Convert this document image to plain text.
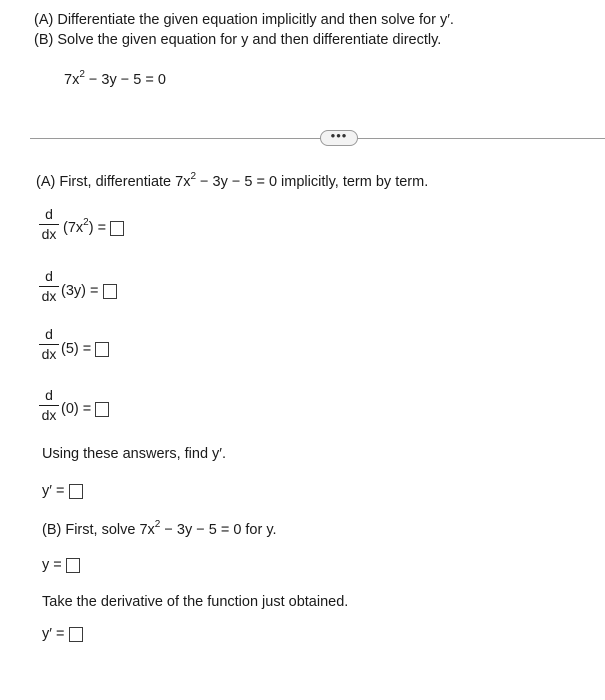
(A) Differentiate the given equation implicitly and then solve for y′.
(B) Solve the given equation for y and then differentiate directly.
$7x^2 - 3y - 5 = 0$
•••
(A) First, differentiate $7x^2 - 3y - 5 = 0$ implicitly, term by term.
d
dx $(7x^2)$ =
d
dx (3y) =
d
dx (5) =
d
dx (0) =
Using these answers, find y′.
y′ =
(B) First, solve $7x^2 - 3y - 5 = 0$ for y.
y =
Take the derivative of the function just obtained.
y′ =
